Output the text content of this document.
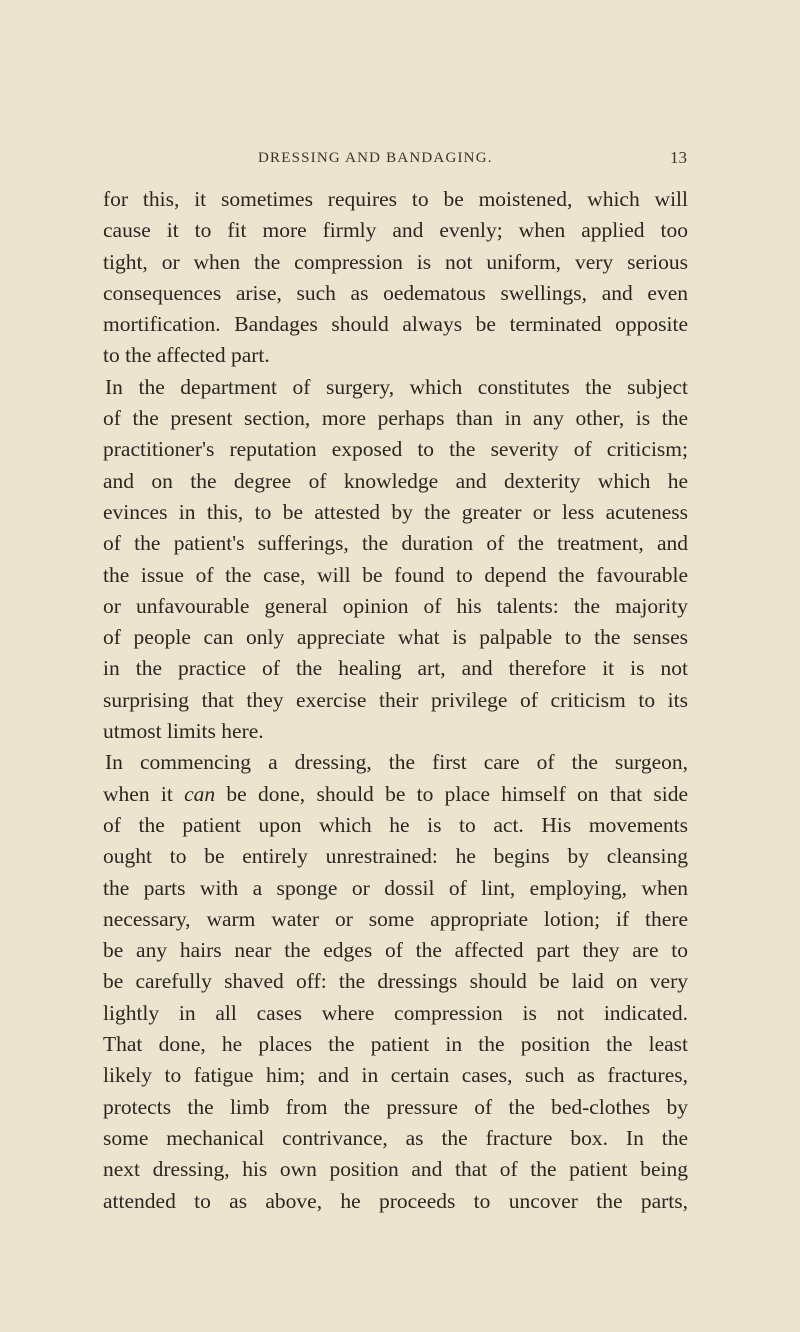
DRESSING AND BANDAGING.	13
for this, it sometimes requires to be moistened, which will
cause it to fit more firmly and evenly; when applied too
tight, or when the compression is not uniform, very serious
consequences arise, such as oedematous swellings, and even
mortification. Bandages should always be terminated opposite
to the affected part.
In the department of surgery, which constitutes the subject
of the present section, more perhaps than in any other, is the
practitioner's reputation exposed to the severity of criticism;
and on the degree of knowledge and dexterity which he
evinces in this, to be attested by the greater or less acuteness
of the patient's sufferings, the duration of the treatment, and
the issue of the case, will be found to depend the favourable
or unfavourable general opinion of his talents: the majority
of people can only appreciate what is palpable to the senses
in the practice of the healing art, and therefore it is not
surprising that they exercise their privilege of criticism to its
utmost limits here.
In commencing a dressing, the first care of the surgeon,
when it can be done, should be to place himself on that side
of the patient upon which he is to act. His movements
ought to be entirely unrestrained: he begins by cleansing
the parts with a sponge or dossil of lint, employing, when
necessary, warm water or some appropriate lotion; if there
be any hairs near the edges of the affected part they are to
be carefully shaved off: the dressings should be laid on very
lightly in all cases where compression is not indicated.
That done, he places the patient in the position the least
likely to fatigue him; and in certain cases, such as fractures,
protects the limb from the pressure of the bed-clothes by
some mechanical contrivance, as the fracture box. In the
next dressing, his own position and that of the patient being
attended to as above, he proceeds to uncover the parts,
